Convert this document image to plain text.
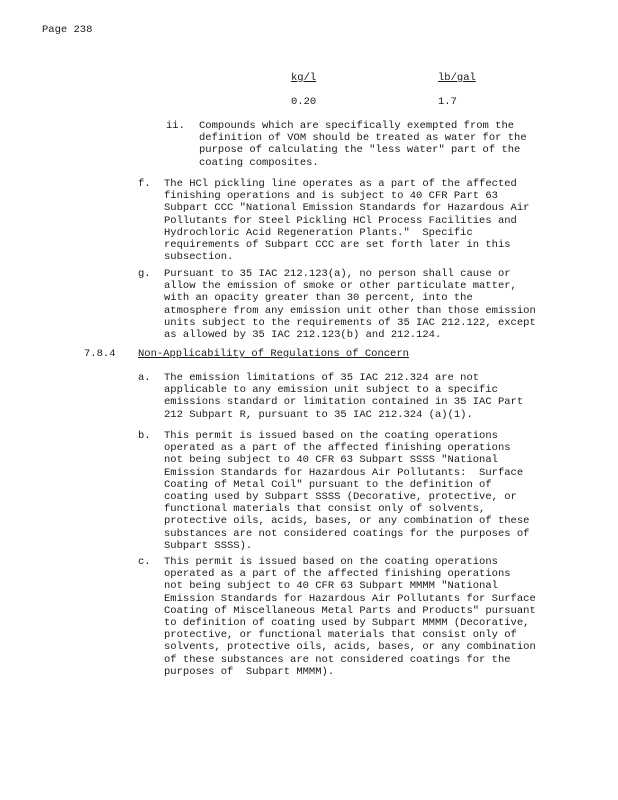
Page 238
kg/l	lb/gal
0.20	1.7
ii. Compounds which are specifically exempted from the
definition of VOM should be treated as water for the
purpose of calculating the "less water" part of the
coating composites.
f. The HCl pickling line operates as a part of the affected
finishing operations and is subject to 40 CFR Part 63
Subpart CCC "National Emission Standards for Hazardous Air
Pollutants for Steel Pickling HCl Process Facilities and
Hydrochloric Acid Regeneration Plants."  Specific
requirements of Subpart CCC are set forth later in this
subsection.
g. Pursuant to 35 IAC 212.123(a), no person shall cause or
allow the emission of smoke or other particulate matter,
with an opacity greater than 30 percent, into the
atmosphere from any emission unit other than those emission
units subject to the requirements of 35 IAC 212.122, except
as allowed by 35 IAC 212.123(b) and 212.124.
7.8.4 Non-Applicability of Regulations of Concern
a. The emission limitations of 35 IAC 212.324 are not
applicable to any emission unit subject to a specific
emissions standard or limitation contained in 35 IAC Part
212 Subpart R, pursuant to 35 IAC 212.324 (a)(1).
b. This permit is issued based on the coating operations
operated as a part of the affected finishing operations
not being subject to 40 CFR 63 Subpart SSSS "National
Emission Standards for Hazardous Air Pollutants:  Surface
Coating of Metal Coil" pursuant to the definition of
coating used by Subpart SSSS (Decorative, protective, or
functional materials that consist only of solvents,
protective oils, acids, bases, or any combination of these
substances are not considered coatings for the purposes of
Subpart SSSS).
c. This permit is issued based on the coating operations
operated as a part of the affected finishing operations
not being subject to 40 CFR 63 Subpart MMMM "National
Emission Standards for Hazardous Air Pollutants for Surface
Coating of Miscellaneous Metal Parts and Products" pursuant
to definition of coating used by Subpart MMMM (Decorative,
protective, or functional materials that consist only of
solvents, protective oils, acids, bases, or any combination
of these substances are not considered coatings for the
purposes of  Subpart MMMM).
